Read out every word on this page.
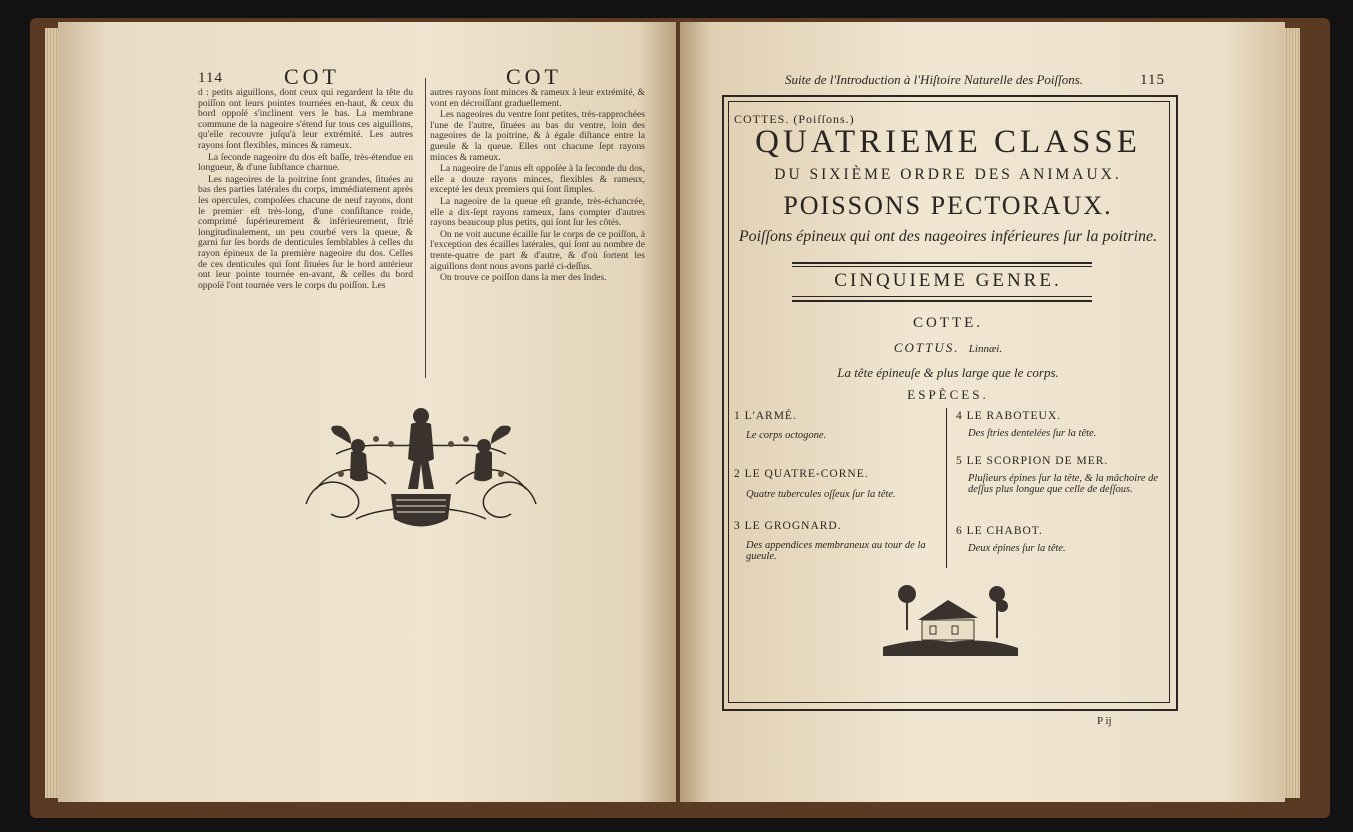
114	COT	COT

d : petits aiguillons, dont ceux qui regardent la tête du poiſſon ont leurs pointes tournées en-haut, & ceux du bord oppoſé s'inclinent vers le bas. La membrane commune de la nageoire s'étend ſur tous ces aiguillons, qu'elle recouvre juſqu'à leur extrémité. Les autres rayons ſont flexibles, minces & rameux.

La ſeconde nageoire du dos eſt baſſe, très-étendue en longueur, & d'une ſubſtance charnue.

Les nageoires de la poitrine ſont grandes, ſituées au bas des parties latérales du corps, immédiatement après les opercules, compoſées chacune de neuf rayons, dont le premier eſt très-long, d'une conſiſtance roide, comprimé ſupérieurement & inférieurement, ſtrié longitudinalement, un peu courbé vers la queue, & garni ſur ſes bords de denticules ſemblables à celles du rayon épineux de la première nageoire du dos. Celles de ces denticules qui ſont ſituées ſur le bord antérieur ont leur pointe tournée en-avant, & celles du bord oppoſé l'ont tournée vers le corps du poiſſon. Les

autres rayons ſont minces & rameux à leur extrémité, & vont en décroiſſant graduellement.

Les nageoires du ventre ſont petites, très-rapprochées l'une de l'autre, ſituées au bas du ventre, loin des nageoires de la poitrine, & à égale diſtance entre la gueule & la queue. Elles ont chacune ſept rayons minces & rameux.

La nageoire de l'anus eſt oppoſée à la ſeconde du dos, elle a douze rayons minces, flexibles & rameux, excepté les deux premiers qui ſont ſimples.

La nageoire de la queue eſt grande, très-échancrée, elle a dix-ſept rayons rameux, ſans compter d'autres rayons beaucoup plus petits, qui ſont ſur les côtés.

On ne voit aucune écaille ſur le corps de ce poiſſon, à l'exception des écailles latérales, qui ſont au nombre de trente-quatre de part & d'autre, & d'où ſortent les aiguillons dont nous avons parlé ci-deſſus.

On trouve ce poiſſon dans la mer des Indes.

Suite de l'Introduction à l'Hiſtoire Naturelle des Poiſſons.	115
COTTES. (Poiſſons.)
QUATRIEME CLASSE
DU SIXIÈME ORDRE DES ANIMAUX.
POISSONS PECTORAUX.
Poiſſons épineux qui ont des nageoires inférieures ſur la poitrine.
CINQUIEME GENRE.
COTTE.
COTTUS. Linnæi.
La tête épineuſe & plus large que le corps.
ESPÈCES.
1 L'ARMÉ.
Le corps octogone.
2 LE QUATRE-CORNE.
Quatre tubercules oſſeux ſur la tête.
3 LE GROGNARD.
Des appendices membraneux au tour de la gueule.
4 LE RABOTEUX.
Des ſtries dentelées ſur la tête.
5 LE SCORPION DE MER.
Pluſieurs épines ſur la tête, & la mâchoire de deſſus plus longue que celle de deſſous.
6 LE CHABOT.
Deux épines ſur la tête.
P ij
